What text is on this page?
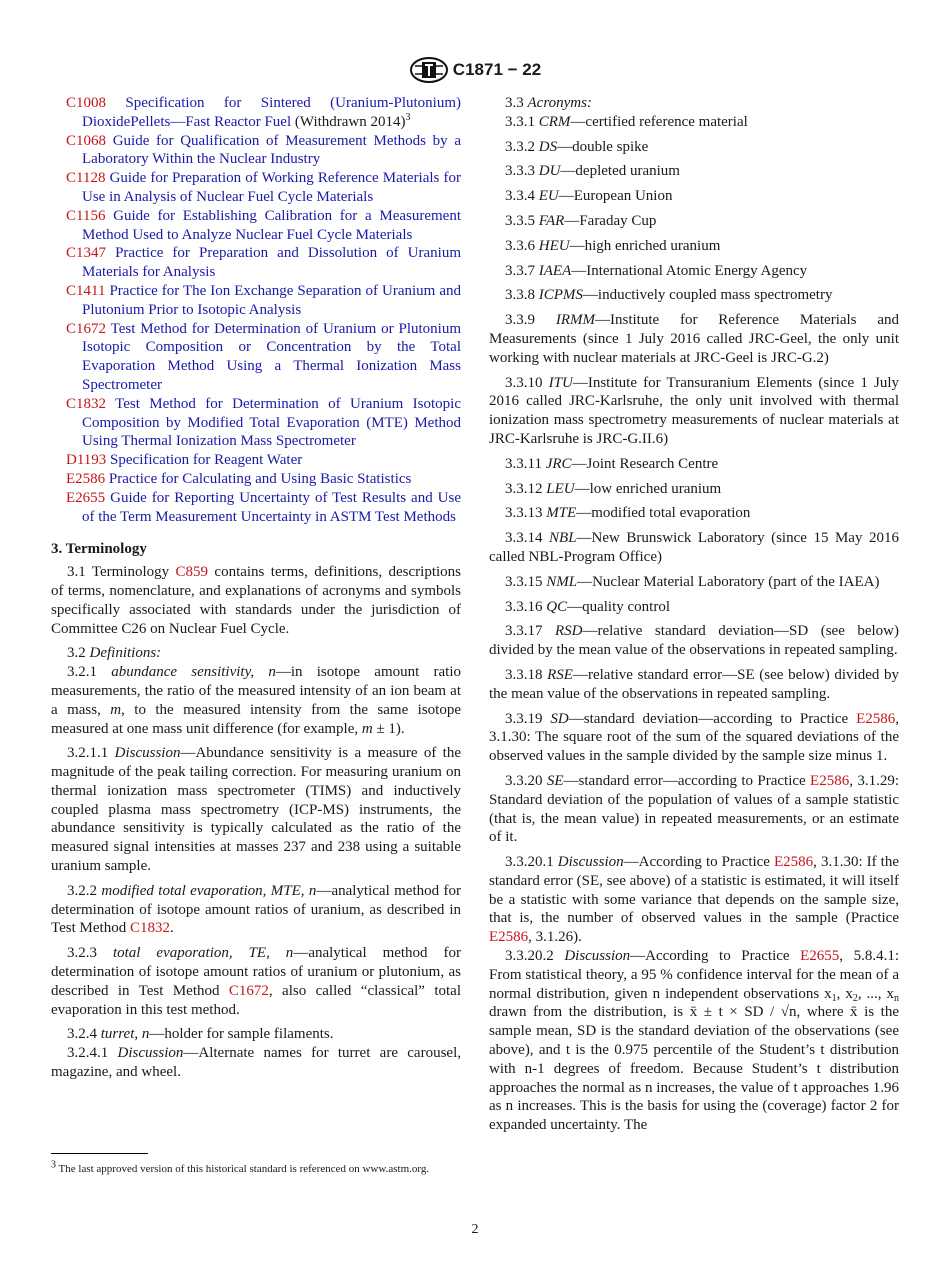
C1871 − 22

C1008 Specification for Sintered (Uranium-Plutonium) DioxidePellets—Fast Reactor Fuel (Withdrawn 2014)$^3$

C1068 Guide for Qualification of Measurement Methods by a Laboratory Within the Nuclear Industry

C1128 Guide for Preparation of Working Reference Materials for Use in Analysis of Nuclear Fuel Cycle Materials

C1156 Guide for Establishing Calibration for a Measurement Method Used to Analyze Nuclear Fuel Cycle Materials

C1347 Practice for Preparation and Dissolution of Uranium Materials for Analysis

C1411 Practice for The Ion Exchange Separation of Uranium and Plutonium Prior to Isotopic Analysis

C1672 Test Method for Determination of Uranium or Plutonium Isotopic Composition or Concentration by the Total Evaporation Method Using a Thermal Ionization Mass Spectrometer

C1832 Test Method for Determination of Uranium Isotopic Composition by Modified Total Evaporation (MTE) Method Using Thermal Ionization Mass Spectrometer

D1193 Specification for Reagent Water

E2586 Practice for Calculating and Using Basic Statistics

E2655 Guide for Reporting Uncertainty of Test Results and Use of the Term Measurement Uncertainty in ASTM Test Methods

3. Terminology

3.1 Terminology C859 contains terms, definitions, descriptions of terms, nomenclature, and explanations of acronyms and symbols specifically associated with standards under the jurisdiction of Committee C26 on Nuclear Fuel Cycle.

3.2 Definitions:

3.2.1 abundance sensitivity, n—in isotope amount ratio measurements, the ratio of the measured intensity of an ion beam at a mass, m, to the measured intensity from the same isotope measured at one mass unit difference (for example, m ± 1).

3.2.1.1 Discussion—Abundance sensitivity is a measure of the magnitude of the peak tailing correction. For measuring uranium on thermal ionization mass spectrometer (TIMS) and inductively coupled plasma mass spectrometry (ICP-MS) instruments, the abundance sensitivity is typically calculated as the ratio of the measured signal intensities at masses 237 and 238 using a suitable uranium sample.

3.2.2 modified total evaporation, MTE, n—analytical method for determination of isotope amount ratios of uranium, as described in Test Method C1832.

3.2.3 total evaporation, TE, n—analytical method for determination of isotope amount ratios of uranium or plutonium, as described in Test Method C1672, also called “classical” total evaporation in this test method.

3.2.4 turret, n—holder for sample filaments.

3.2.4.1 Discussion—Alternate names for turret are carousel, magazine, and wheel.

$^3$ The last approved version of this historical standard is referenced on www.astm.org.

3.3 Acronyms:

3.3.1 CRM—certified reference material

3.3.2 DS—double spike

3.3.3 DU—depleted uranium

3.3.4 EU—European Union

3.3.5 FAR—Faraday Cup

3.3.6 HEU—high enriched uranium

3.3.7 IAEA—International Atomic Energy Agency

3.3.8 ICPMS—inductively coupled mass spectrometry

3.3.9 IRMM—Institute for Reference Materials and Measurements (since 1 July 2016 called JRC-Geel, the only unit working with nuclear materials at JRC-Geel is JRC-G.2)

3.3.10 ITU—Institute for Transuranium Elements (since 1 July 2016 called JRC-Karlsruhe, the only unit involved with thermal ionization mass spectrometry measurements of nuclear materials at JRC-Karlsruhe is JRC-G.II.6)

3.3.11 JRC—Joint Research Centre

3.3.12 LEU—low enriched uranium

3.3.13 MTE—modified total evaporation

3.3.14 NBL—New Brunswick Laboratory (since 15 May 2016 called NBL-Program Office)

3.3.15 NML—Nuclear Material Laboratory (part of the IAEA)

3.3.16 QC—quality control

3.3.17 RSD—relative standard deviation—SD (see below) divided by the mean value of the observations in repeated sampling.

3.3.18 RSE—relative standard error—SE (see below) divided by the mean value of the observations in repeated sampling.

3.3.19 SD—standard deviation—according to Practice E2586, 3.1.30: The square root of the sum of the squared deviations of the observed values in the sample divided by the sample size minus 1.

3.3.20 SE—standard error—according to Practice E2586, 3.1.29: Standard deviation of the population of values of a sample statistic (that is, the mean value) in repeated measurements, or an estimate of it.

3.3.20.1 Discussion—According to Practice E2586, 3.1.30: If the standard error (SE, see above) of a statistic is estimated, it will itself be a statistic with some variance that depends on the sample size, that is, the number of observed values in the sample (Practice E2586, 3.1.26).

3.3.20.2 Discussion—According to Practice E2655, 5.8.4.1: From statistical theory, a 95 % confidence interval for the mean of a normal distribution, given n independent observations $x_1$, $x_2$, ..., $x_n$ drawn from the distribution, is x̄ ± t × SD / √n, where x̄ is the sample mean, SD is the standard deviation of the observations (see above), and t is the 0.975 percentile of the Student’s t distribution with n-1 degrees of freedom. Because Student’s t distribution approaches the normal as n increases, the value of t approaches 1.96 as n increases. This is the basis for using the (coverage) factor 2 for expanded uncertainty. The

2
